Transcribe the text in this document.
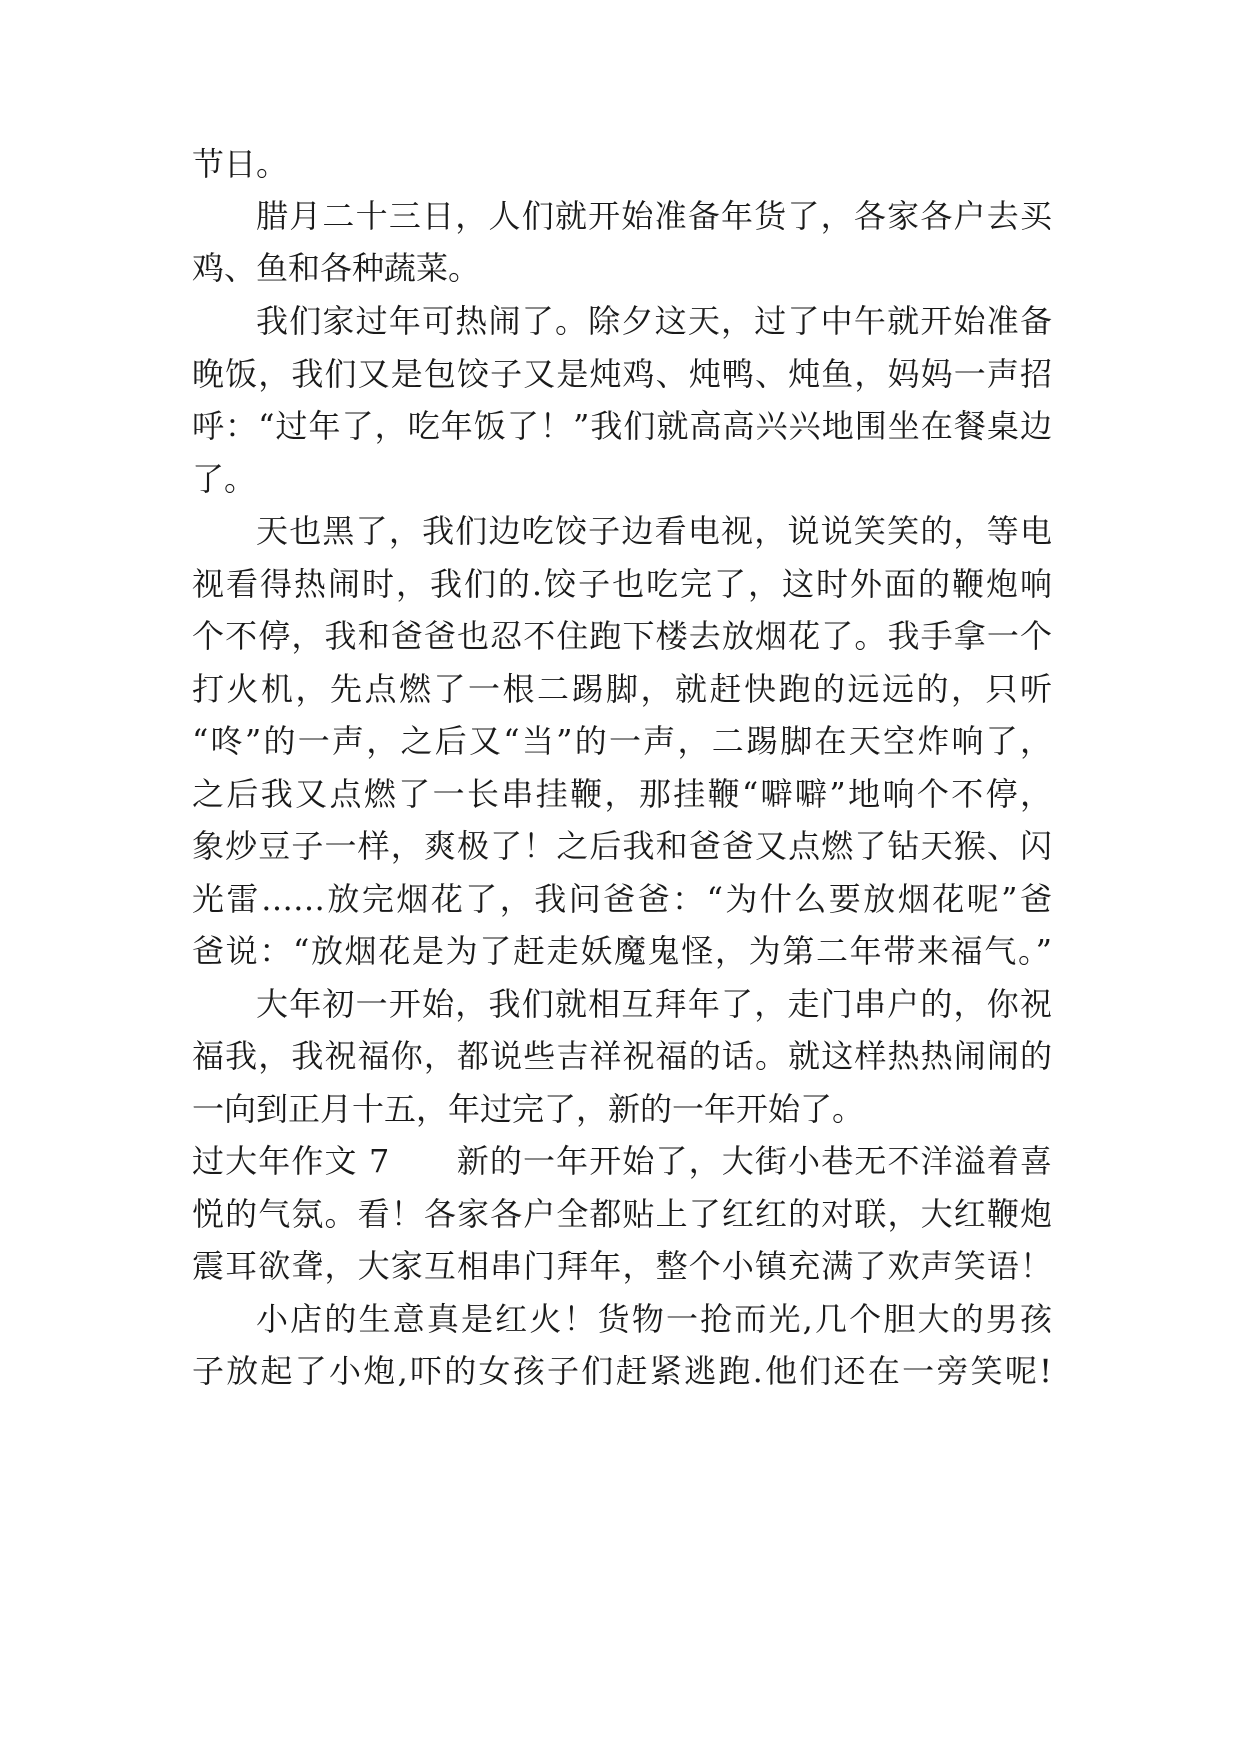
节日。
腊月二十三日，人们就开始准备年货了，各家各户去买
鸡、鱼和各种蔬菜。
我们家过年可热闹了。除夕这天，过了中午就开始准备
晚饭，我们又是包饺子又是炖鸡、炖鸭、炖鱼，妈妈一声招
呼：“过年了，吃年饭了！”我们就高高兴兴地围坐在餐桌边
了。
天也黑了，我们边吃饺子边看电视，说说笑笑的，等电
视看得热闹时，我们的.饺子也吃完了，这时外面的鞭炮响
个不停，我和爸爸也忍不住跑下楼去放烟花了。我手拿一个
打火机，先点燃了一根二踢脚，就赶快跑的远远的，只听
“咚”的一声，之后又“当”的一声，二踢脚在天空炸响了，
之后我又点燃了一长串挂鞭，那挂鞭“噼噼”地响个不停，
象炒豆子一样，爽极了！之后我和爸爸又点燃了钻天猴、闪
光雷……放完烟花了，我问爸爸：“为什么要放烟花呢”爸
爸说：“放烟花是为了赶走妖魔鬼怪，为第二年带来福气。”
大年初一开始，我们就相互拜年了，走门串户的，你祝
福我，我祝福你，都说些吉祥祝福的话。就这样热热闹闹的
一向到正月十五，年过完了，新的一年开始了。
过大年作文 7　　新的一年开始了，大街小巷无不洋溢着喜
悦的气氛。看！各家各户全都贴上了红红的对联，大红鞭炮
震耳欲聋，大家互相串门拜年，整个小镇充满了欢声笑语！
小店的生意真是红火！货物一抢而光,几个胆大的男孩
子放起了小炮,吓的女孩子们赶紧逃跑.他们还在一旁笑呢!
